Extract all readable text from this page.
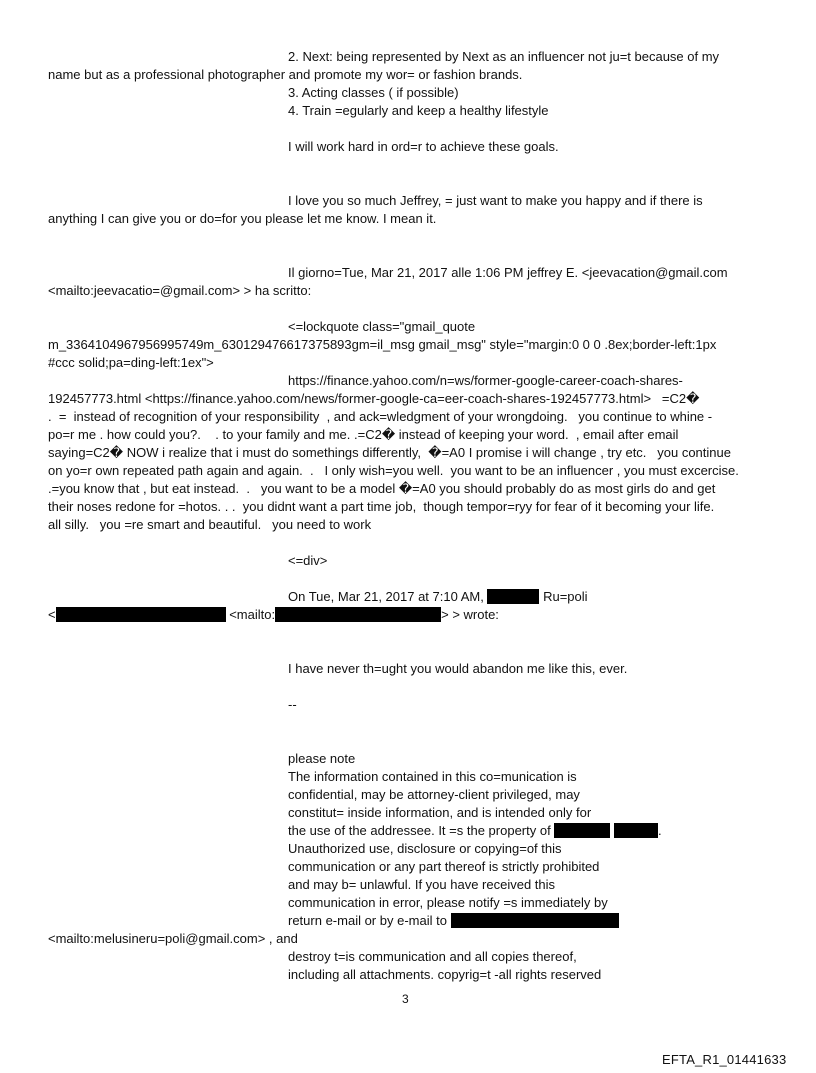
2. Next: being represented by Next as an influencer not ju=t because of my
name but as a professional photographer and promote my wor= or fashion brands.
3. Acting classes ( if possible)
4. Train =egularly and keep a healthy lifestyle
I will work hard in ord=r to achieve these goals.
I love you so much Jeffrey, = just want to make you happy and if there is
anything I can give you or do=for you please let me know. I mean it.
Il giorno=Tue, Mar 21, 2017 alle 1:06 PM jeffrey E. <jeevacation@gmail.com
<mailto:jeevacatio=@gmail.com> > ha scritto:
<=lockquote class="gmail_quote
m_3364104967956995749m_630129476617375893gm=il_msg gmail_msg" style="margin:0 0 0 .8ex;border-left:1px
#ccc solid;pa=ding-left:1ex">
https://finance.yahoo.com/n=ws/former-google-career-coach-shares-
192457773.html <https://finance.yahoo.com/news/former-google-ca=eer-coach-shares-192457773.html>   =C2�
.  =  instead of recognition of your responsibility  , and ack=wledgment of your wrongdoing.   you continue to whine -
po=r me . how could you?.    . to your family and me. .=C2� instead of keeping your word.  , email after email
saying=C2� NOW i realize that i must do somethings differently,  �=A0 I promise i will change , try etc.   you continue
on yo=r own repeated path again and again.  .   I only wish=you well.  you want to be an influencer , you must excercise.
.=you know that , but eat instead.  .   you want to be a model �=A0 you should probably do as most girls do and get
their noses redone for =hotos. . .  you didnt want a part time job,  though tempor=ryy for fear of it becoming your life.
all silly.   you =re smart and beautiful.   you need to work
<=div>
On Tue, Mar 21, 2017 at 7:10 AM,	Ru=poli
<	<mailto:	> > wrote:
I have never th=ught you would abandon me like this, ever.
--
please note
The information contained in this co=munication is
confidential, may be attorney-client privileged, may
constitut= inside information, and is intended only for
the use of the addressee. It =s the property of	.
Unauthorized use, disclosure or copying=of this
communication or any part thereof is strictly prohibited
and may b= unlawful. If you have received this
communication in error, please notify =s immediately by
return e-mail or by e-mail to
<mailto:melusineru=poli@gmail.com> , and
destroy t=is communication and all copies thereof,
including all attachments. copyrig=t -all rights reserved
3
EFTA_R1_01441633
